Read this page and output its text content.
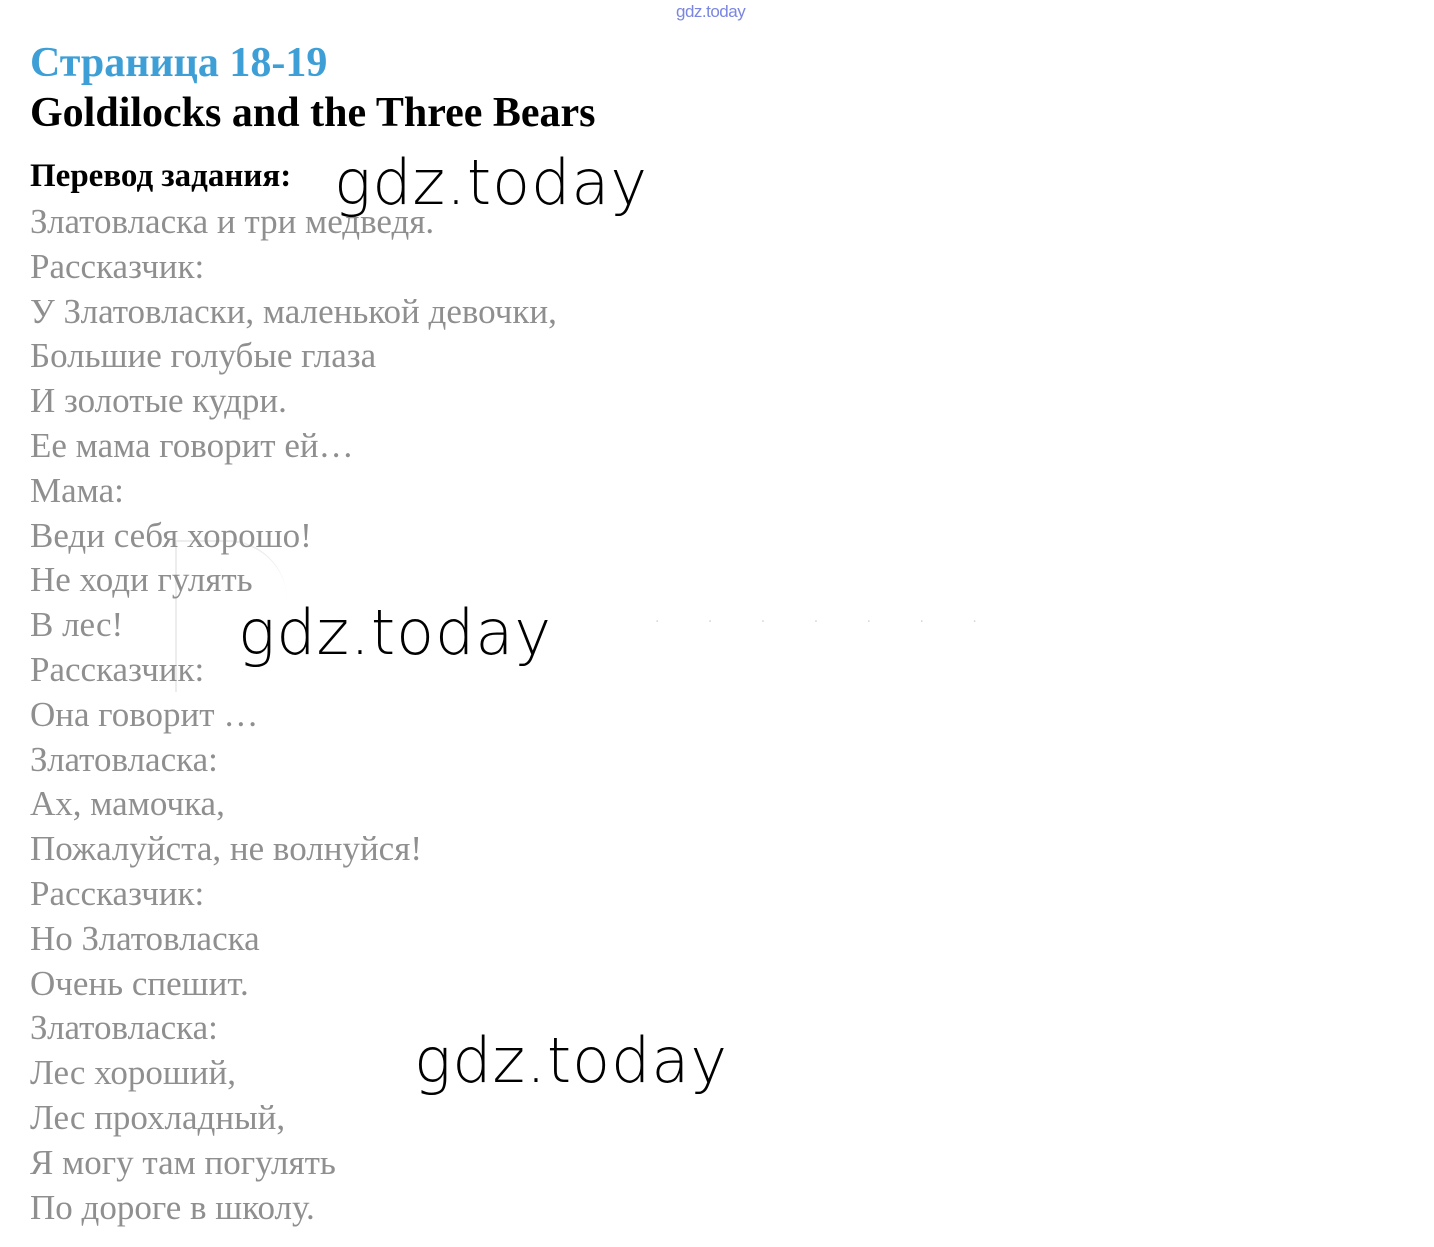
gdz.today
Страница 18-19
Goldilocks and the Three Bears
Перевод задания:
. . . . . . .
Златовласка и три медведя.
Рассказчик:
У Златовласки, маленькой девочки,
Большие голубые глаза
И золотые кудри.
Ее мама говорит ей…
Мама:
Веди себя хорошо!
Не ходи гулять
В лес!
Рассказчик:
Она говорит …
Златовласка:
Ах, мамочка,
Пожалуйста, не волнуйся!
Рассказчик:
Но Златовласка
Очень спешит.
Златовласка:
Лес хороший,
Лес прохладный,
Я могу там погулять
По дороге в школу.
gdz.today
gdz.today
gdz.today
